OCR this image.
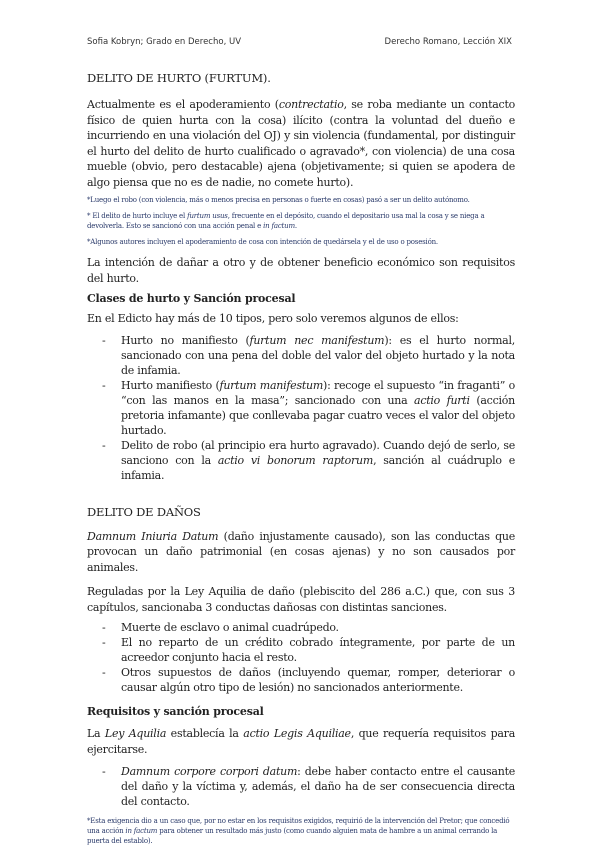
Sofia Kobryn; Grado en Derecho, UV	Derecho Romano, Lección XIX

DELITO DE HURTO (FURTUM).

Actualmente es el apoderamiento (contrectatio, se roba mediante un contacto físico de quien hurta con la cosa) ilícito (contra la voluntad del dueño e incurriendo en una violación del OJ) y sin violencia (fundamental, por distinguir el hurto del delito de hurto cualificado o agravado*, con violencia) de una cosa mueble (obvio, pero destacable) ajena (objetivamente; si quien se apodera de algo piensa que no es de nadie, no comete hurto).

*Luego el robo (con violencia, más o menos precisa en personas o fuerte en cosas) pasó a ser un delito autónomo.

* El delito de hurto incluye el furtum usus, frecuente en el depósito, cuando el depositario usa mal la cosa y se niega a devolverla. Esto se sancionó con una acción penal e in factum.

*Algunos autores incluyen el apoderamiento de cosa con intención de quedársela y el de uso o posesión.

La intención de dañar a otro y de obtener beneficio económico son requisitos del hurto.

Clases de hurto y Sanción procesal

En el Edicto hay más de 10 tipos, pero solo veremos algunos de ellos:

- Hurto no manifiesto (furtum nec manifestum): es el hurto normal, sancionado con una pena del doble del valor del objeto hurtado y la nota de infamia.
- Hurto manifiesto (furtum manifestum): recoge el supuesto “in fraganti” o “con las manos en la masa”; sancionado con una actio furti (acción pretoria infamante) que conllevaba pagar cuatro veces el valor del objeto hurtado.
- Delito de robo (al principio era hurto agravado). Cuando dejó de serlo, se sanciono con la actio vi bonorum raptorum, sanción al cuádruplo e infamia.

DELITO DE DAÑOS

Damnum Iniuria Datum (daño injustamente causado), son las conductas que provocan un daño patrimonial (en cosas ajenas) y no son causados por animales.

Reguladas por la Ley Aquilia de daño (plebiscito del 286 a.C.) que, con sus 3 capítulos, sancionaba 3 conductas dañosas con distintas sanciones.

- Muerte de esclavo o animal cuadrúpedo.
- El no reparto de un crédito cobrado íntegramente, por parte de un acreedor conjunto hacia el resto.
- Otros supuestos de daños (incluyendo quemar, romper, deteriorar o causar algún otro tipo de lesión) no sancionados anteriormente.

Requisitos y sanción procesal

La Ley Aquilia establecía la actio Legis Aquiliae, que requería requisitos para ejercitarse.

- Damnum corpore corpori datum: debe haber contacto entre el causante del daño y la víctima y, además, el daño ha de ser consecuencia directa del contacto.

*Esta exigencia dio a un caso que, por no estar en los requisitos exigidos, requirió de la intervención del Pretor; que concedió una acción in factum para obtener un resultado más justo (como cuando alguien mata de hambre a un animal cerrando la puerta del establo).
